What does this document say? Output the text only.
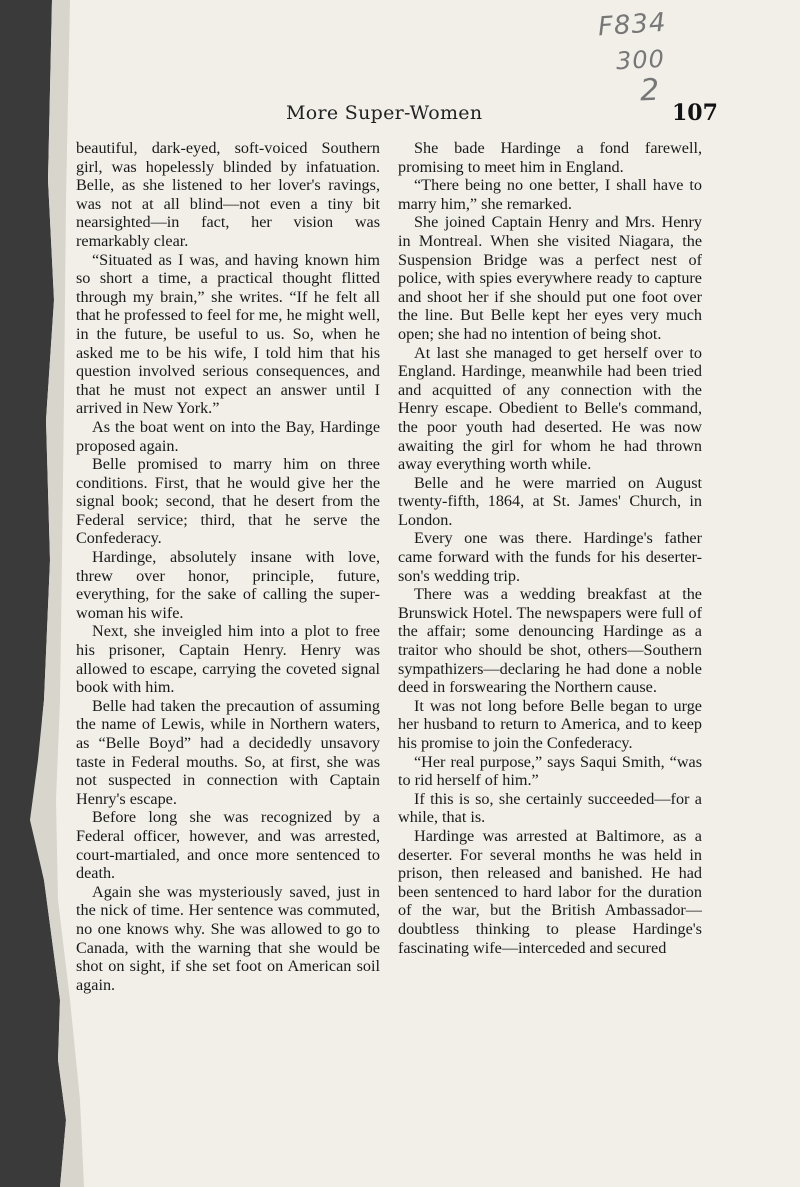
F834
300
2
More Super-Women	107

beautiful, dark-eyed, soft-voiced Southern girl, was hopelessly blinded by infatuation. Belle, as she listened to her lover's ravings, was not at all blind—not even a tiny bit nearsighted—in fact, her vision was remarkably clear.

“Situated as I was, and having known him so short a time, a practical thought flitted through my brain,” she writes. “If he felt all that he professed to feel for me, he might well, in the future, be useful to us. So, when he asked me to be his wife, I told him that his question involved serious consequences, and that he must not expect an answer until I arrived in New York.”

As the boat went on into the Bay, Hardinge proposed again.

Belle promised to marry him on three conditions. First, that he would give her the signal book; second, that he desert from the Federal service; third, that he serve the Confederacy.

Hardinge, absolutely insane with love, threw over honor, principle, future, everything, for the sake of calling the super-woman his wife.

Next, she inveigled him into a plot to free his prisoner, Captain Henry. Henry was allowed to escape, carrying the coveted signal book with him.

Belle had taken the precaution of assuming the name of Lewis, while in Northern waters, as “Belle Boyd” had a decidedly unsavory taste in Federal mouths. So, at first, she was not suspected in connection with Captain Henry's escape.

Before long she was recognized by a Federal officer, however, and was arrested, court-martialed, and once more sentenced to death.

Again she was mysteriously saved, just in the nick of time. Her sentence was commuted, no one knows why. She was allowed to go to Canada, with the warning that she would be shot on sight, if she set foot on American soil again.

She bade Hardinge a fond farewell, promising to meet him in England.

“There being no one better, I shall have to marry him,” she remarked.

She joined Captain Henry and Mrs. Henry in Montreal. When she visited Niagara, the Suspension Bridge was a perfect nest of police, with spies everywhere ready to capture and shoot her if she should put one foot over the line. But Belle kept her eyes very much open; she had no intention of being shot.

At last she managed to get herself over to England. Hardinge, meanwhile had been tried and acquitted of any connection with the Henry escape. Obedient to Belle's command, the poor youth had deserted. He was now awaiting the girl for whom he had thrown away everything worth while.

Belle and he were married on August twenty-fifth, 1864, at St. James' Church, in London.

Every one was there. Hardinge's father came forward with the funds for his deserter-son's wedding trip.

There was a wedding breakfast at the Brunswick Hotel. The newspapers were full of the affair; some denouncing Hardinge as a traitor who should be shot, others—Southern sympathizers—declaring he had done a noble deed in forswearing the Northern cause.

It was not long before Belle began to urge her husband to return to America, and to keep his promise to join the Confederacy.

“Her real purpose,” says Saqui Smith, “was to rid herself of him.”

If this is so, she certainly succeeded—for a while, that is.

Hardinge was arrested at Baltimore, as a deserter. For several months he was held in prison, then released and banished. He had been sentenced to hard labor for the duration of the war, but the British Ambassador—doubtless thinking to please Hardinge's fascinating wife—interceded and secured
